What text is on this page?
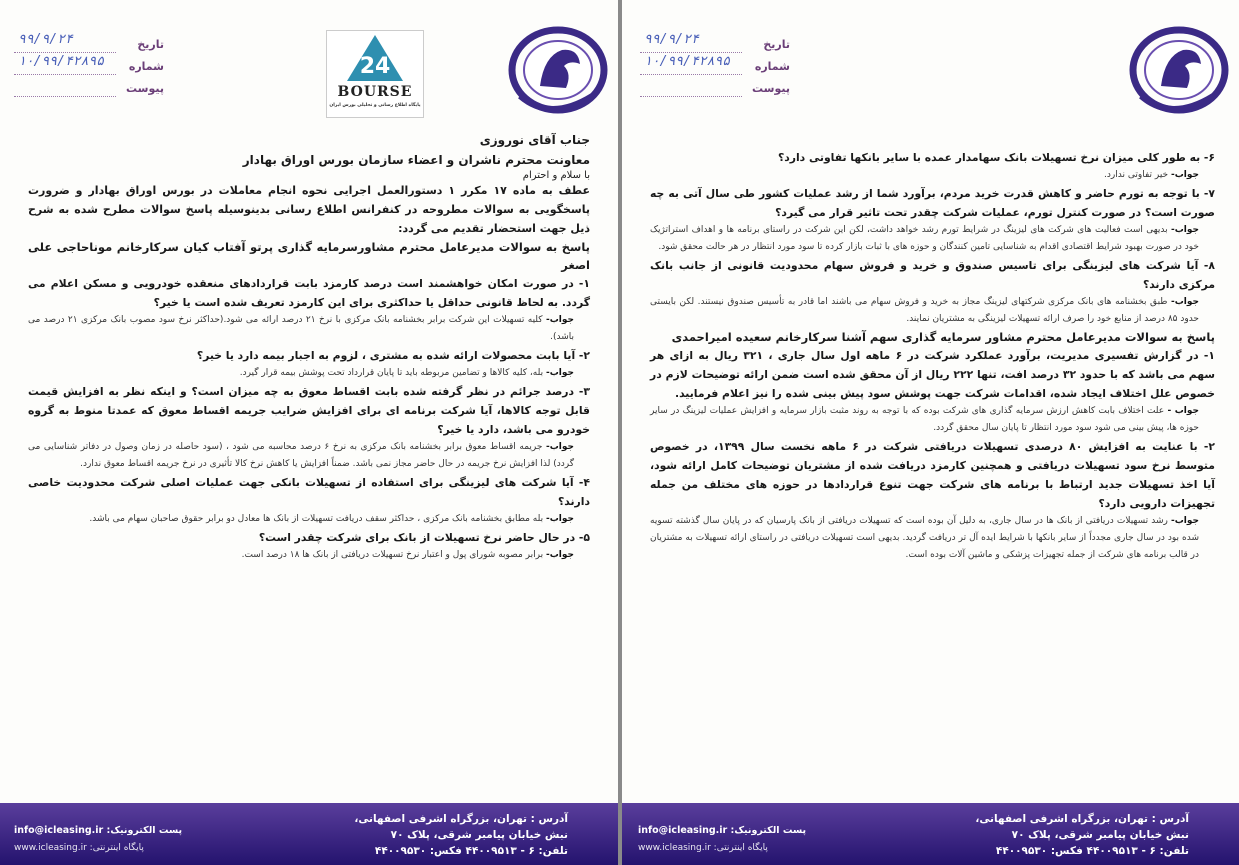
تاریخ
۹۹/۹/۲۴
شماره
۱۰/۹۹/۴۲۸۹۵
پیوست
24
BOURSE
پایگاه اطلاع رسانی و تحلیلی بورس ایران

جناب آقای نوروزی

معاونت محترم ناشران و اعضاء سازمان بورس اوراق بهادار

با سلام و احترام

عطف به ماده ۱۷ مکرر ۱ دستورالعمل اجرایی نحوه انجام معاملات در بورس اوراق بهادار و ضرورت پاسخگویی به سوالات مطروحه در کنفرانس اطلاع رسانی بدینوسیله پاسخ سوالات مطرح شده به شرح ذیل جهت استحضار تقدیم می گردد:

پاسخ به سوالات مدیرعامل محترم مشاورسرمایه گذاری پرتو آفتاب کیان سرکارخانم موناحاجی علی اصغر

۱- در صورت امکان خواهشمند است درصد کارمزد بابت قراردادهای منعقده خودرویی و مسکن اعلام می گردد. به لحاظ قانونی حداقل یا حداکثری برای این کارمزد تعریف شده است یا خیر؟

جواب- کلیه تسهیلات این شرکت برابر بخشنامه بانک مرکزی با نرخ ۲۱ درصد ارائه می شود.(حداکثر نرخ سود مصوب بانک مرکزی ۲۱ درصد می باشد).

۲- آیا بابت محصولات ارائه شده به مشتری ، لزوم به اجبار بیمه دارد یا خیر؟

جواب- بله، کلیه کالاها و تضامین مربوطه باید تا پایان قرارداد تحت پوشش بیمه قرار گیرد.

۳- درصد جرائم در نظر گرفته شده بابت اقساط معوق به چه میزان است؟ و اینکه نظر به افزایش قیمت قابل توجه کالاها، آیا شرکت برنامه ای برای افزایش ضرایب جریمه اقساط معوق که عمدتا منوط به گروه خودرو می باشد، دارد یا خیر؟

جواب- جریمه اقساط معوق برابر بخشنامه بانک مرکزی به نرخ ۶ درصد محاسبه می شود ، (سود حاصله در زمان وصول در دفاتر شناسایی می گردد) لذا افزایش نرخ جریمه در حال حاضر مجاز نمی باشد. ضمناً افزایش یا کاهش نرخ کالا تأثیری در نرخ جریمه اقساط معوق ندارد.

۴- آیا شرکت های لیزینگی برای استفاده از تسهیلات بانکی جهت عملیات اصلی شرکت محدودیت خاصی دارند؟

جواب- بله مطابق بخشنامه بانک مرکزی ، حداکثر سقف دریافت تسهیلات از بانک ها معادل دو برابر حقوق صاحبان سهام می باشد.

۵- در حال حاضر نرخ تسهیلات از بانک برای شرکت چقدر است؟

جواب- برابر مصوبه شورای پول و اعتبار نرخ تسهیلات دریافتی از بانک ها ۱۸ درصد است.

آدرس : تهران، بزرگراه اشرفی اصفهانی،
نبش خیابان پیامبر شرقی، پلاک ۷۰
تلفن: ۶ - ۴۴۰۰۹۵۱۳ فکس: ۴۴۰۰۹۵۳۰
پست الکترونیک: info@icleasing.ir
پایگاه اینترنتی: www.icleasing.ir
تاریخ
۹۹/۹/۲۴
شماره
۱۰/۹۹/۴۲۸۹۵
پیوست

۶- به طور کلی میزان نرخ تسهیلات بانک سهامدار عمده با سایر بانکها تفاوتی دارد؟

جواب- خیر تفاوتی ندارد.

۷- با توجه به تورم حاضر و کاهش قدرت خرید مردم، برآورد شما از رشد عملیات کشور طی سال آتی به چه صورت است؟ در صورت کنترل تورم، عملیات شرکت چقدر تحت تاثیر قرار می گیرد؟

جواب- بدیهی است فعالیت های شرکت های لیزینگ در شرایط تورم رشد خواهد داشت، لکن این شرکت در راستای برنامه ها و اهداف استراتژیک خود در صورت بهبود شرایط اقتصادی اقدام به شناسایی تامین کنندگان و حوزه های با ثبات بازار کرده تا سود مورد انتظار در هر حالت محقق شود.

۸- آیا شرکت های لیزینگی برای تاسیس صندوق و خرید و فروش سهام محدودیت قانونی از جانب بانک مرکزی دارند؟

جواب- طبق بخشنامه های بانک مرکزی شرکتهای لیزینگ مجاز به خرید و فروش سهام می باشند اما قادر به تأسیس صندوق نیستند. لکن بایستی حدود ۸۵ درصد از منابع خود را صرف ارائه تسهیلات لیزینگی به مشتریان نمایند.

پاسخ به سوالات مدیرعامل محترم مشاور سرمایه گذاری سهم آشنا سرکارخانم سعیده امیراحمدی

۱- در گزارش تفسیری مدیریت، برآورد عملکرد شرکت در ۶ ماهه اول سال جاری ، ۳۲۱ ریال به ازای هر سهم می باشد که با حدود ۳۲ درصد افت، تنها ۲۲۲ ریال از آن محقق شده است ضمن ارائه توضیحات لازم در خصوص علل اختلاف ایجاد شده، اقدامات شرکت جهت پوشش سود پیش بینی شده را نیز اعلام فرمایید.

جواب - علت اختلاف بابت کاهش ارزش سرمایه گذاری های شرکت بوده که با توجه به روند مثبت بازار سرمایه و افزایش عملیات لیزینگ در سایر حوزه ها، پیش بینی می شود سود مورد انتظار تا پایان سال محقق گردد.

۲- با عنایت به افزایش ۸۰ درصدی تسهیلات دریافتی شرکت در ۶ ماهه نخست سال ۱۳۹۹، در خصوص متوسط نرخ سود تسهیلات دریافتی و همچنین کارمزد دریافت شده از مشتریان توضیحات کامل ارائه شود، آیا اخذ تسهیلات جدید ارتباط با برنامه های شرکت جهت تنوع قراردادها در حوزه های مختلف من جمله تجهیزات دارویی دارد؟

جواب- رشد تسهیلات دریافتی از بانک ها در سال جاری، به دلیل آن بوده است که تسهیلات دریافتی از بانک پارسیان که در پایان سال گذشته تسویه شده بود در سال جاری مجدداً از سایر بانکها با شرایط ایده آل تر دریافت گردید. بدیهی است تسهیلات دریافتی در راستای ارائه تسهیلات به مشتریان در قالب برنامه های شرکت از جمله تجهیزات پزشکی و ماشین آلات بوده است.

آدرس : تهران، بزرگراه اشرفی اصفهانی،
نبش خیابان پیامبر شرقی، پلاک ۷۰
تلفن: ۶ - ۴۴۰۰۹۵۱۳ فکس: ۴۴۰۰۹۵۳۰
پست الکترونیک: info@icleasing.ir
پایگاه اینترنتی: www.icleasing.ir
